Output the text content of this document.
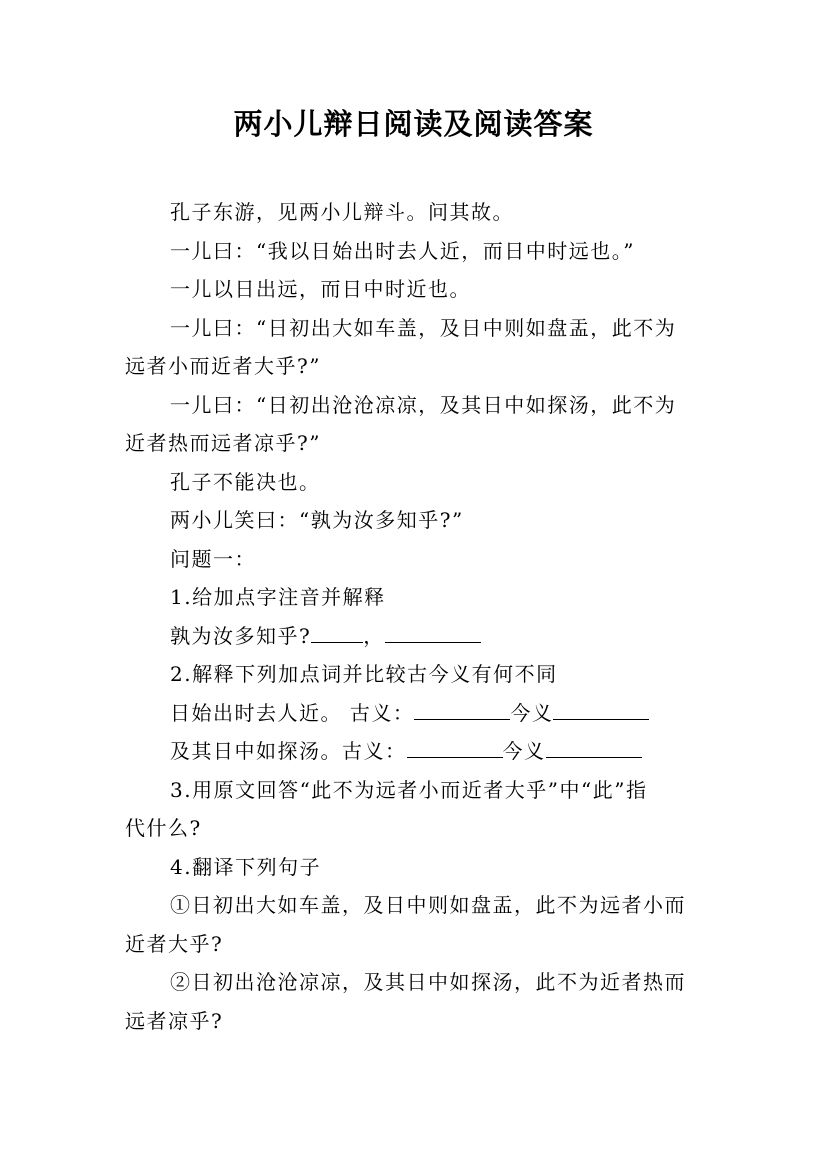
两小儿辩日阅读及阅读答案
孔子东游，见两小儿辩斗。问其故。
一儿曰：“我以日始出时去人近，而日中时远也。”
一儿以日出远，而日中时近也。
一儿曰：“日初出大如车盖，及日中则如盘盂，此不为
远者小而近者大乎?”
一儿曰：“日初出沧沧凉凉，及其日中如探汤，此不为
近者热而远者凉乎?”
孔子不能决也。
两小儿笑曰：“孰为汝多知乎?”
问题一：
1.给加点字注音并解释
孰为汝多知乎?	，
2.解释下列加点词并比较古今义有何不同
日始出时去人近。 古义：	今义
及其日中如探汤。古义：	今义
3.用原文回答“此不为远者小而近者大乎”中“此”指
代什么?
4.翻译下列句子
①日初出大如车盖，及日中则如盘盂，此不为远者小而
近者大乎?
②日初出沧沧凉凉，及其日中如探汤，此不为近者热而
远者凉乎?
